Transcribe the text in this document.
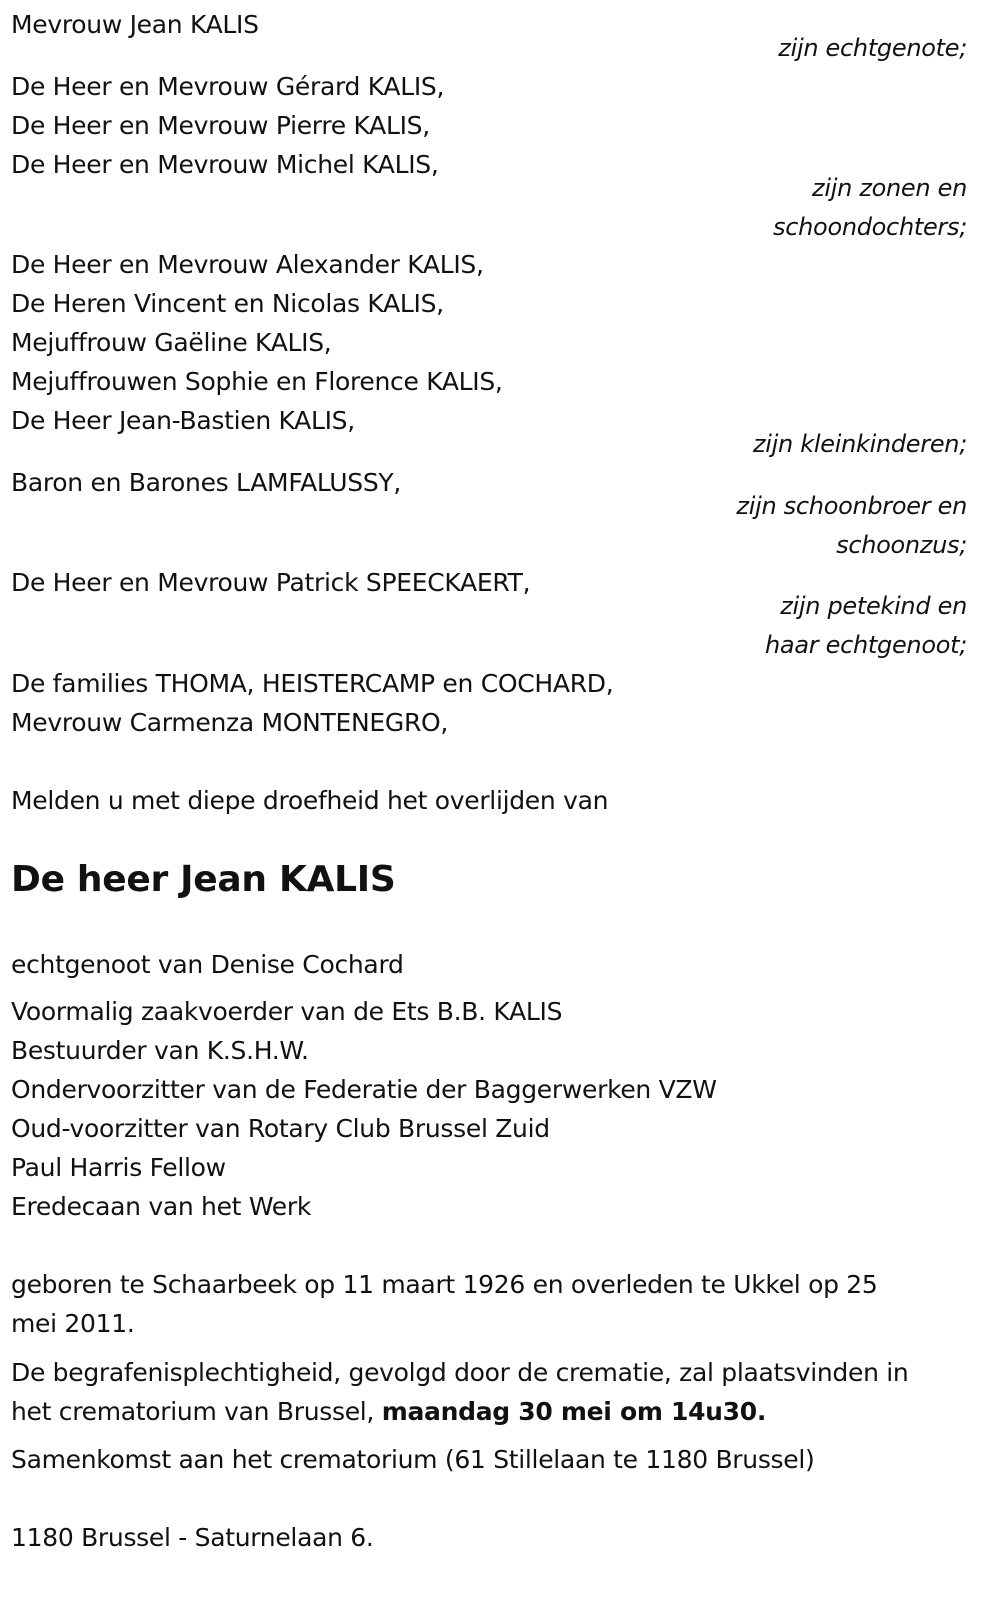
Mevrouw Jean KALIS
zijn echtgenote;
De Heer en Mevrouw Gérard KALIS,
De Heer en Mevrouw Pierre KALIS,
De Heer en Mevrouw Michel KALIS,
zijn zonen en
schoondochters;
De Heer en Mevrouw Alexander KALIS,
De Heren Vincent en Nicolas KALIS,
Mejuffrouw Gaëline KALIS,
Mejuffrouwen Sophie en Florence KALIS,
De Heer Jean-Bastien KALIS,
zijn kleinkinderen;
Baron en Barones LAMFALUSSY,
zijn schoonbroer en
schoonzus;
De Heer en Mevrouw Patrick SPEECKAERT,
zijn petekind en
haar echtgenoot;
De families THOMA, HEISTERCAMP en COCHARD,
Mevrouw Carmenza MONTENEGRO,
Melden u met diepe droefheid het overlijden van
De heer Jean KALIS
echtgenoot van Denise Cochard
Voormalig zaakvoerder van de Ets B.B. KALIS
Bestuurder van K.S.H.W.
Ondervoorzitter van de Federatie der Baggerwerken VZW
Oud-voorzitter van Rotary Club Brussel Zuid
Paul Harris Fellow
Eredecaan van het Werk
geboren te Schaarbeek op 11 maart 1926 en overleden te Ukkel op 25
mei 2011.
De begrafenisplechtigheid, gevolgd door de crematie, zal plaatsvinden in
het crematorium van Brussel, maandag 30 mei om 14u30.
Samenkomst aan het crematorium (61 Stillelaan te 1180 Brussel)
1180 Brussel - Saturnelaan 6.
